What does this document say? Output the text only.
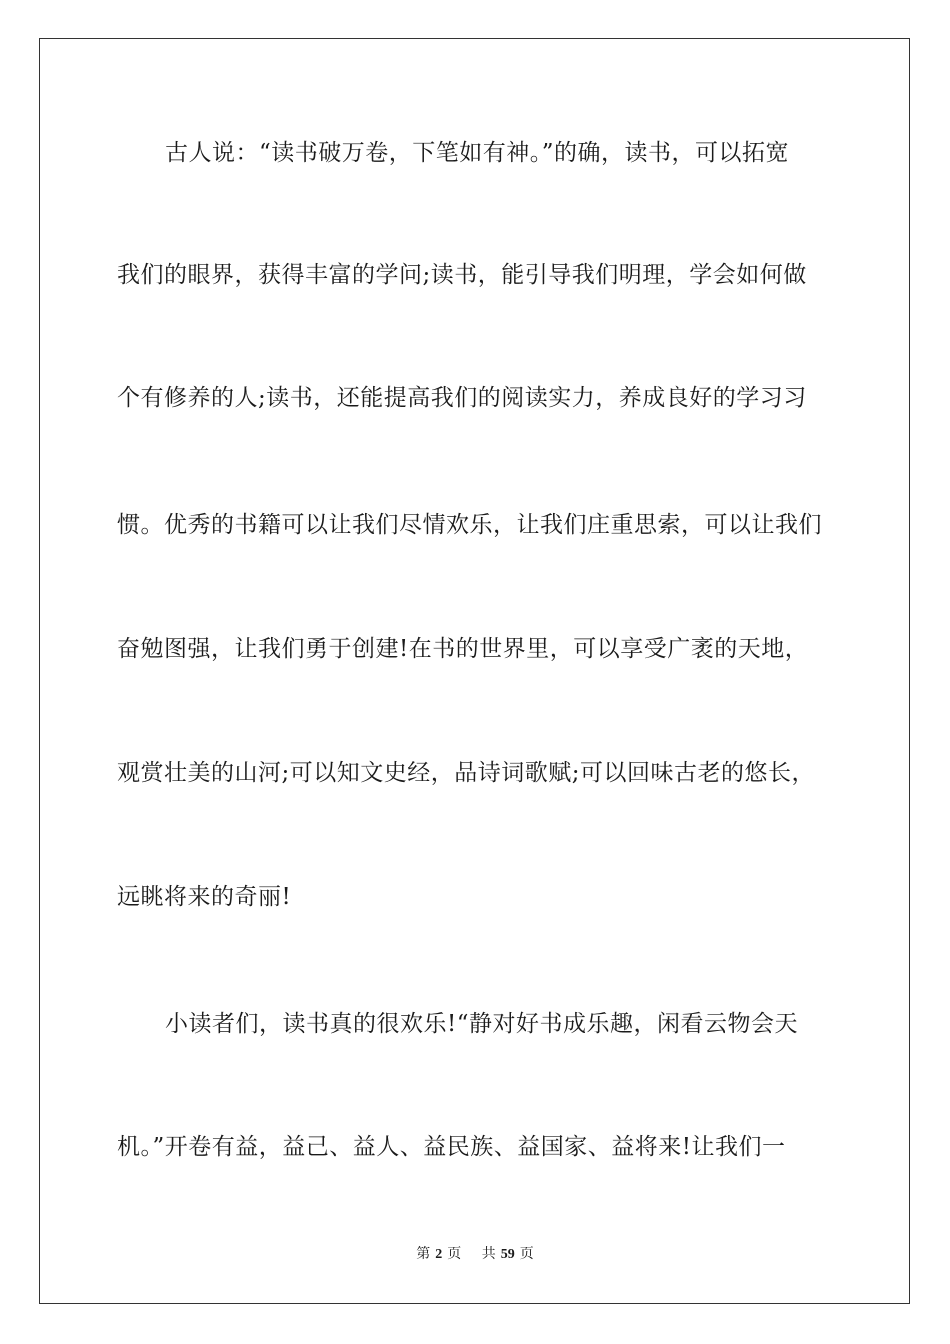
古人说：“读书破万卷，下笔如有神。”的确，读书，可以拓宽
我们的眼界，获得丰富的学问;读书，能引导我们明理，学会如何做
个有修养的人;读书，还能提高我们的阅读实力，养成良好的学习习
惯。优秀的书籍可以让我们尽情欢乐，让我们庄重思索，可以让我们
奋勉图强，让我们勇于创建!在书的世界里，可以享受广袤的天地，
观赏壮美的山河;可以知文史经，品诗词歌赋;可以回味古老的悠长，
远眺将来的奇丽!
小读者们，读书真的很欢乐!“静对好书成乐趣，闲看云物会天
机。”开卷有益，益己、益人、益民族、益国家、益将来!让我们一
第 2 页 共 59 页
